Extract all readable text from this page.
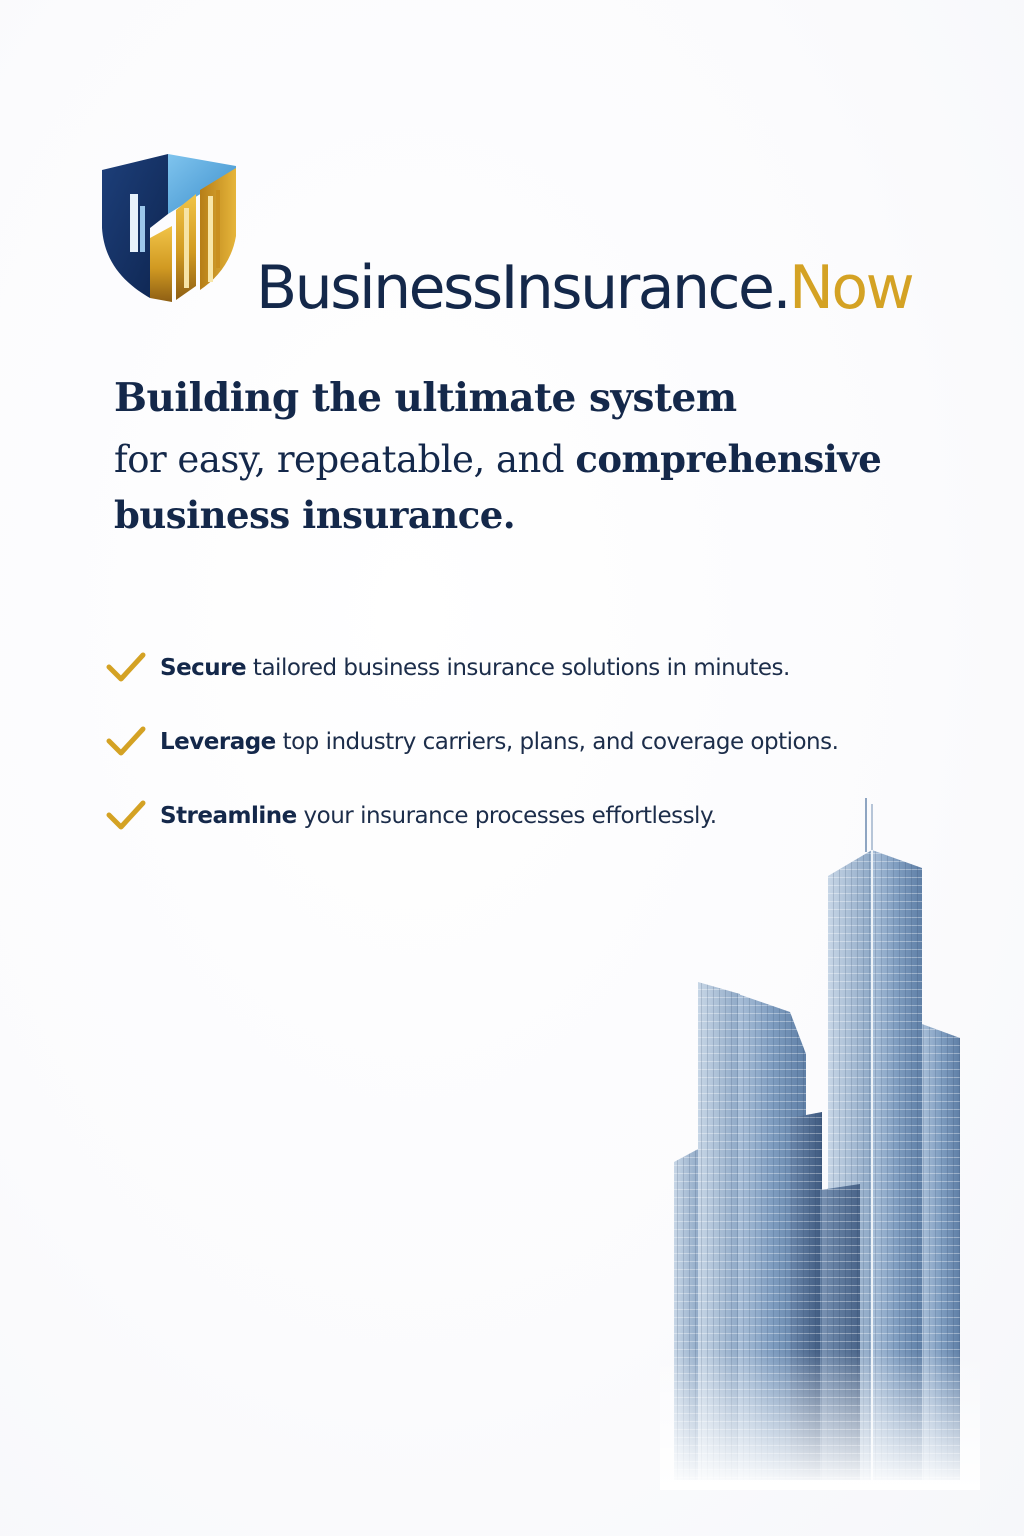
BusinessInsurance.Now
Building the ultimate system
for easy, repeatable, and comprehensive
business insurance.
Secure tailored business insurance solutions in minutes.
Leverage top industry carriers, plans, and coverage options.
Streamline your insurance processes effortlessly.
